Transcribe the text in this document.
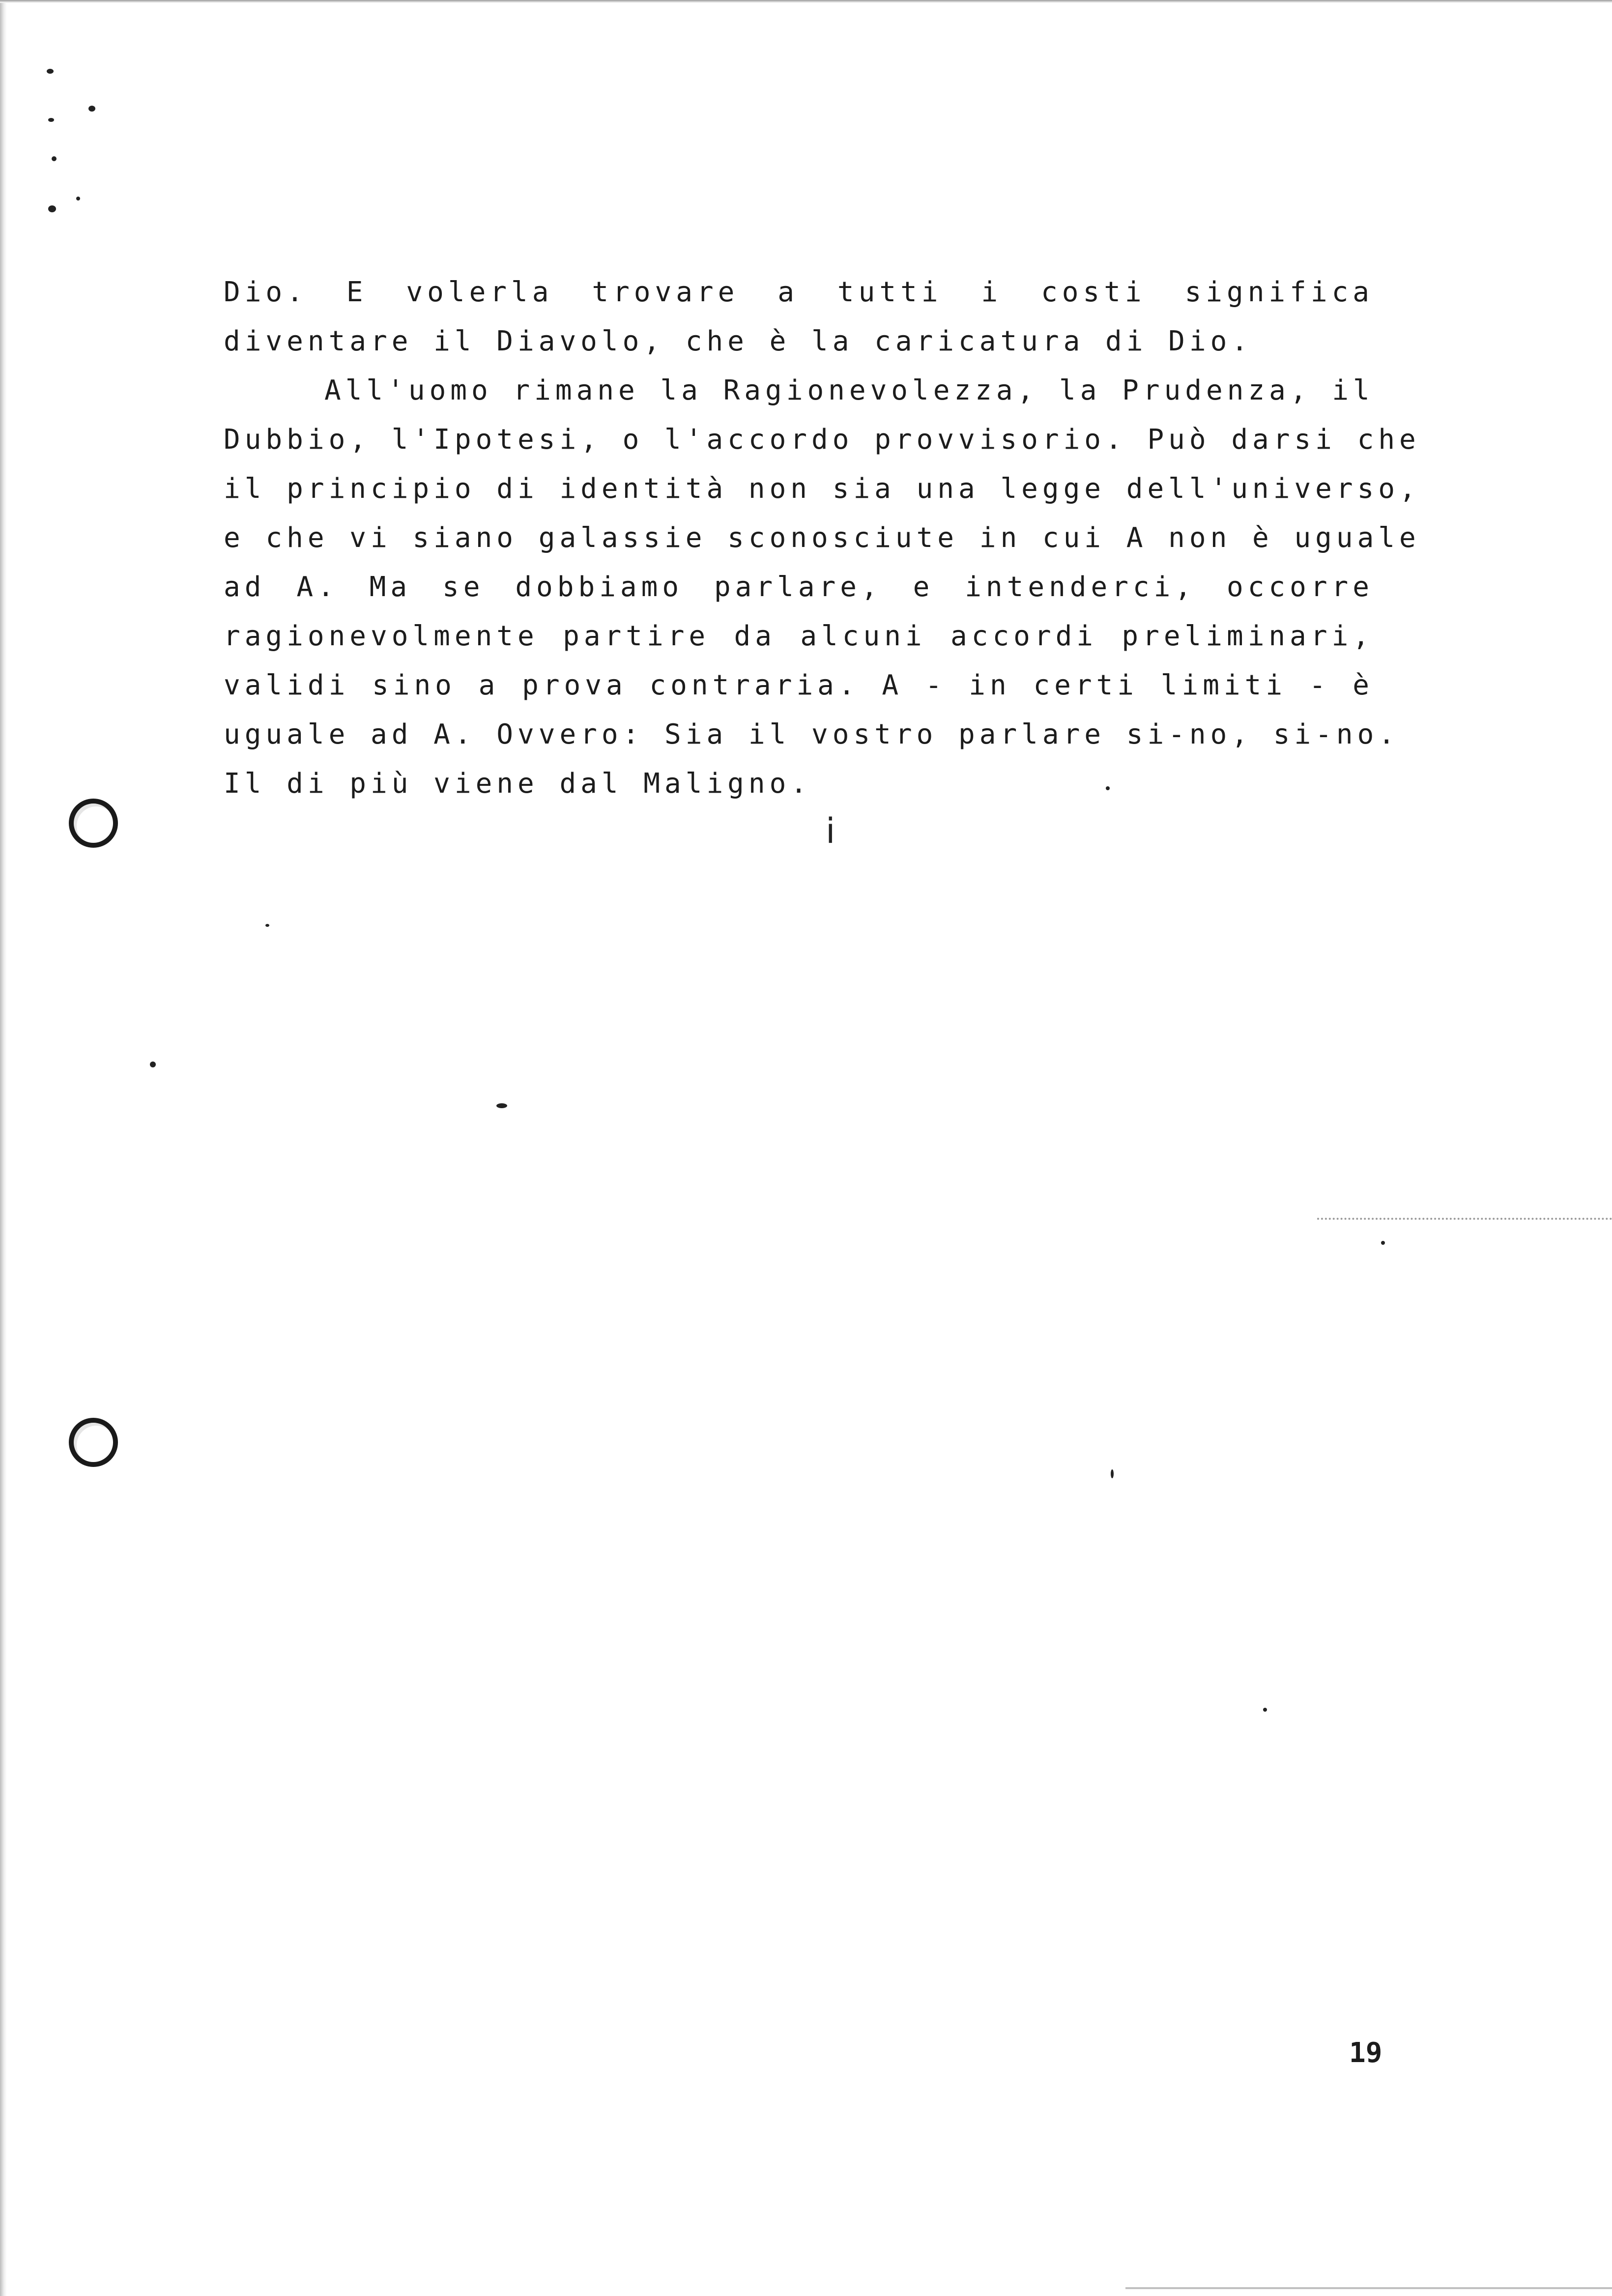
Dio. E volerla trovare a tutti i costi significa
diventare il Diavolo, che è la caricatura di Dio.
All'uomo rimane la Ragionevolezza, la Prudenza, il
Dubbio, l'Ipotesi, o l'accordo provvisorio. Può darsi che
il principio di identità non sia una legge dell'universo,
e che vi siano galassie sconosciute in cui A non è uguale
ad A. Ma se dobbiamo parlare, e intenderci, occorre
ragionevolmente partire da alcuni accordi preliminari,
validi sino a prova contraria. A - in certi limiti - è
uguale ad A. Ovvero: Sia il vostro parlare si-no, si-no.
Il di più viene dal Maligno.
ⅰ
19
